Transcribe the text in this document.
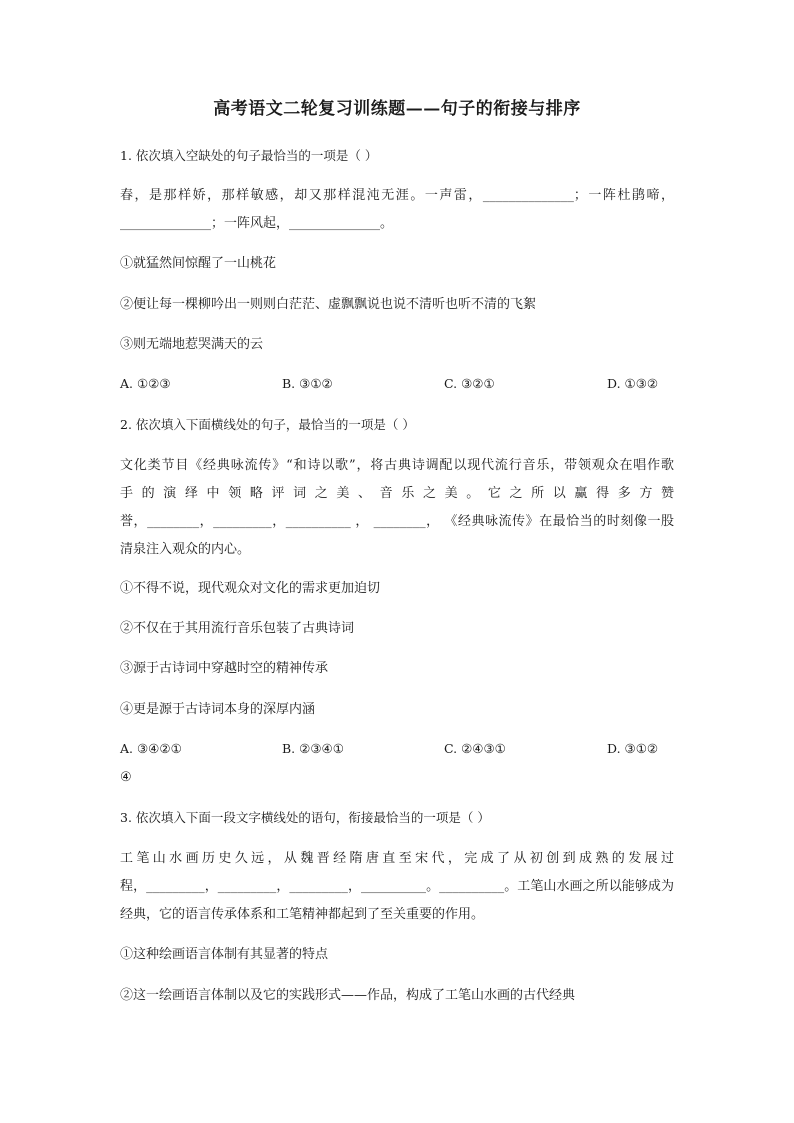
高考语文二轮复习训练题——句子的衔接与排序
1. 依次填入空缺处的句子最恰当的一项是（ ）
春，是那样娇，那样敏感，却又那样混沌无涯。一声雷，______________；一阵杜鹃啼，
______________；一阵风起，______________。
①就猛然间惊醒了一山桃花
②便让每一棵柳吟出一则则白茫茫、虚飘飘说也说不清听也听不清的飞絮
③则无端地惹哭满天的云
A. ①②③	B. ③①②	C. ③②①	D. ①③②
2. 依次填入下面横线处的句子，最恰当的一项是（ ）
文化类节目《经典咏流传》“和诗以歌”，将古典诗调配以现代流行音乐，带领观众在唱作歌
手 的 演 绎 中 领 略 评 词 之 美 、 音 乐 之 美 。 它 之 所 以 赢 得 多 方 赞
誉，________，_________，__________ ， ________， 《经典咏流传》在最恰当的时刻像一股
清泉注入观众的内心。
①不得不说，现代观众对文化的需求更加迫切
②不仅在于其用流行音乐包装了古典诗词
③源于古诗词中穿越时空的精神传承
④更是源于古诗词本身的深厚内涵
A. ③④②①	B. ②③④①	C. ②④③①	D. ③①②
④
3. 依次填入下面一段文字横线处的语句，衔接最恰当的一项是（ ）
工笔山水画历史久远，从魏晋经隋唐直至宋代，完成了从初创到成熟的发展过
程，_________，_________，_________，__________。__________。工笔山水画之所以能够成为
经典，它的语言传承体系和工笔精神都起到了至关重要的作用。
①这种绘画语言体制有其显著的特点
②这一绘画语言体制以及它的实践形式——作品，构成了工笔山水画的古代经典
